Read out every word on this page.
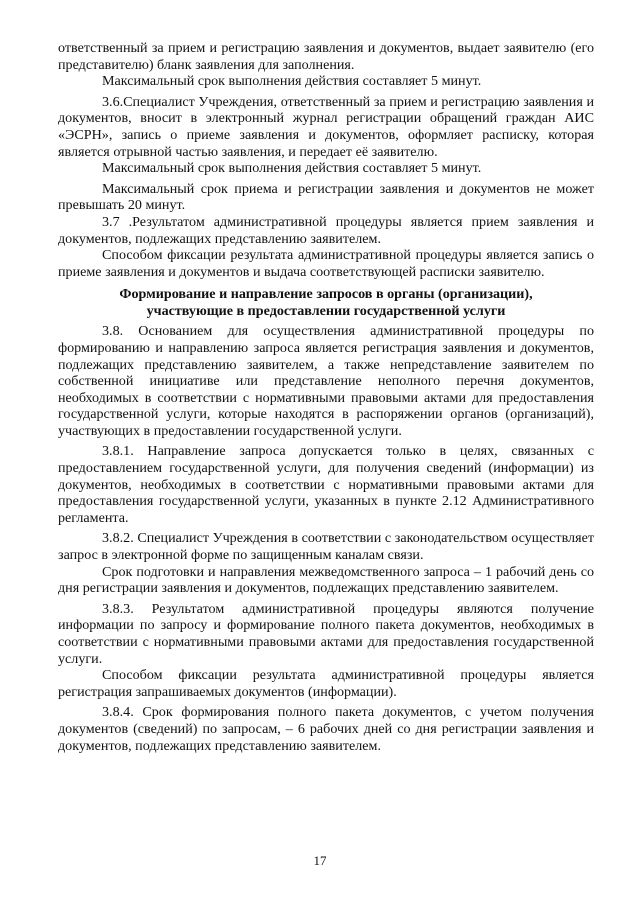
ответственный за прием и регистрацию заявления и документов, выдает заявителю (его представителю) бланк заявления для заполнения.

Максимальный срок выполнения действия составляет 5 минут.

3.6.Специалист Учреждения, ответственный за прием и регистрацию заявления и документов, вносит в электронный журнал регистрации обращений граждан АИС «ЭСРН», запись о приеме заявления и документов, оформляет расписку, которая является отрывной частью заявления, и передает её заявителю.

Максимальный срок выполнения действия составляет 5 минут.

Максимальный срок приема и регистрации заявления и документов не может превышать 20 минут.

3.7 .Результатом административной процедуры является прием заявления и документов, подлежащих представлению заявителем.

Способом фиксации результата административной процедуры является запись о приеме заявления и документов и выдача соответствующей расписки заявителю.

Формирование и направление запросов в органы (организации),
участвующие в предоставлении государственной услуги

3.8. Основанием для осуществления административной процедуры по формированию и направлению запроса является регистрация заявления и документов, подлежащих представлению заявителем, а также непредставление заявителем по собственной инициативе или представление неполного перечня документов, необходимых в соответствии с нормативными правовыми актами для предоставления государственной услуги, которые находятся в распоряжении органов (организаций), участвующих в предоставлении государственной услуги.

3.8.1. Направление запроса допускается только в целях, связанных с предоставлением государственной услуги, для получения сведений (информации) из документов, необходимых в соответствии с нормативными правовыми актами для предоставления государственной услуги, указанных в пункте 2.12 Административного регламента.

3.8.2. Специалист Учреждения в соответствии с законодательством осуществляет запрос в электронной форме по защищенным каналам связи.

Срок подготовки и направления межведомственного запроса – 1 рабочий день со дня регистрации заявления и документов, подлежащих представлению заявителем.

3.8.3. Результатом административной процедуры являются получение информации по запросу и формирование полного пакета документов, необходимых в соответствии с нормативными правовыми актами для предоставления государственной услуги.

Способом фиксации результата административной процедуры является регистрация запрашиваемых документов (информации).

3.8.4. Срок формирования полного пакета документов, с учетом получения документов (сведений) по запросам, – 6 рабочих дней со дня регистрации заявления и документов, подлежащих представлению заявителем.

17
